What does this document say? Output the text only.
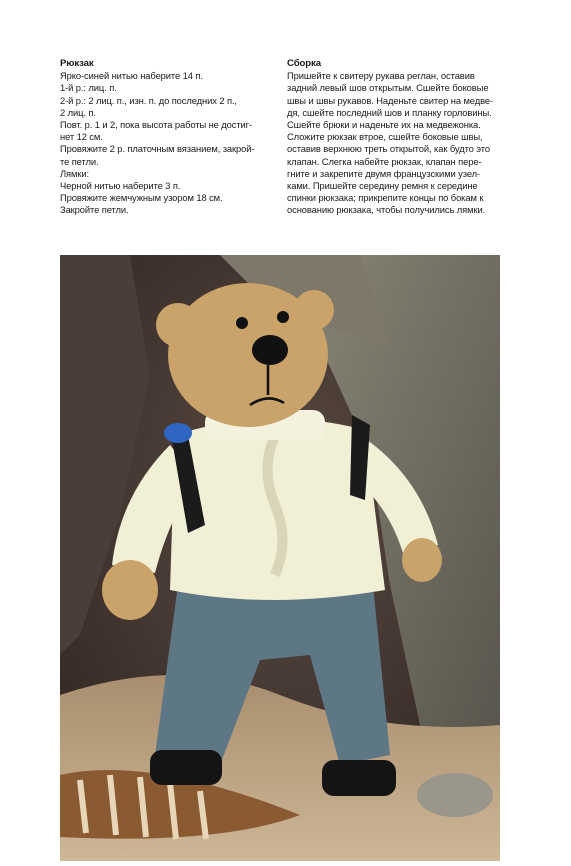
Рюкзак

Ярко-синей нитью наберите 14 п.

1-й р.: лиц. п.

2-й р.: 2 лиц. п., изн. п. до последних 2 п.,

2 лиц. п.

Повт. р. 1 и 2, пока высота работы не достиг-

нет 12 см.

Провяжите 2 р. платочным вязанием, закрой-

те петли.

Лямки:

Черной нитью наберите 3 п.

Провяжите жемчужным узором 18 см.

Закройте петли.

Сборка

Пришейте к свитеру рукава реглан, оставив

задний левый шов открытым. Сшейте боковые

швы и швы рукавов. Наденьте свитер на медве-

дя, сшейте последний шов и планку горловины.

Сшейте брюки и наденьте их на медвежонка.

Сложите рюкзак втрое, сшейте боковые швы,

оставив верхнюю треть открытой, как будто это

клапан. Слегка набейте рюкзак, клапан пере-

гните и закрепите двумя французскими узел-

ками. Пришейте середину ремня к середине

спинки рюкзака; прикрепите концы по бокам к

основанию рюкзака, чтобы получились лямки.
